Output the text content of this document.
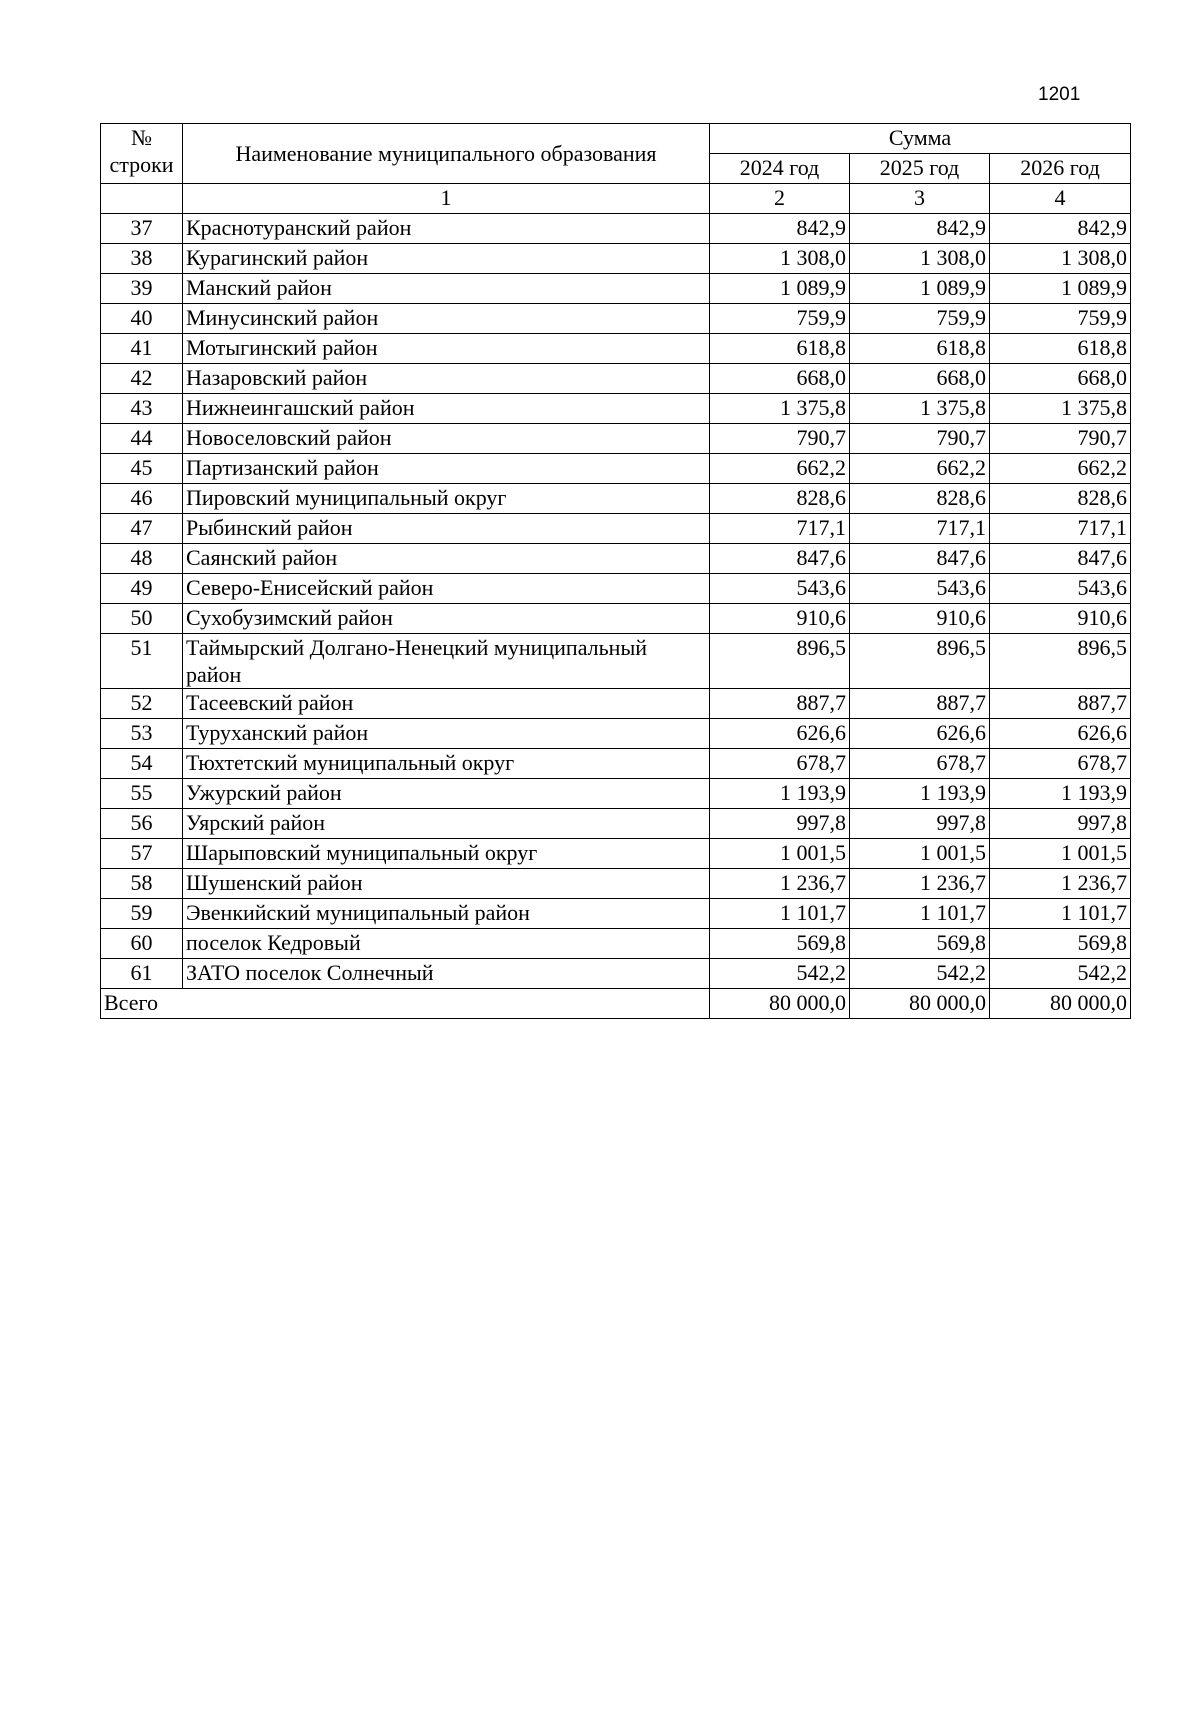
1201
№
строки	Наименование муниципального образования	Сумма		
		2024 год	2025 год	2026 год
	1	2	3	4
37	Краснотуранский район	842,9	842,9	842,9
38	Курагинский район	1 308,0	1 308,0	1 308,0
39	Манский район	1 089,9	1 089,9	1 089,9
40	Минусинский район	759,9	759,9	759,9
41	Мотыгинский район	618,8	618,8	618,8
42	Назаровский район	668,0	668,0	668,0
43	Нижнеингашский район	1 375,8	1 375,8	1 375,8
44	Новоселовский район	790,7	790,7	790,7
45	Партизанский район	662,2	662,2	662,2
46	Пировский муниципальный округ	828,6	828,6	828,6
47	Рыбинский район	717,1	717,1	717,1
48	Саянский район	847,6	847,6	847,6
49	Северо-Енисейский район	543,6	543,6	543,6
50	Сухобузимский район	910,6	910,6	910,6
51	Таймырский Долгано-Ненецкий муниципальный район	896,5	896,5	896,5
52	Тасеевский район	887,7	887,7	887,7
53	Туруханский район	626,6	626,6	626,6
54	Тюхтетский муниципальный округ	678,7	678,7	678,7
55	Ужурский район	1 193,9	1 193,9	1 193,9
56	Уярский район	997,8	997,8	997,8
57	Шарыповский муниципальный округ	1 001,5	1 001,5	1 001,5
58	Шушенский район	1 236,7	1 236,7	1 236,7
59	Эвенкийский муниципальный район	1 101,7	1 101,7	1 101,7
60	поселок Кедровый	569,8	569,8	569,8
61	ЗАТО поселок Солнечный	542,2	542,2	542,2
Всего		80 000,0	80 000,0	80 000,0
